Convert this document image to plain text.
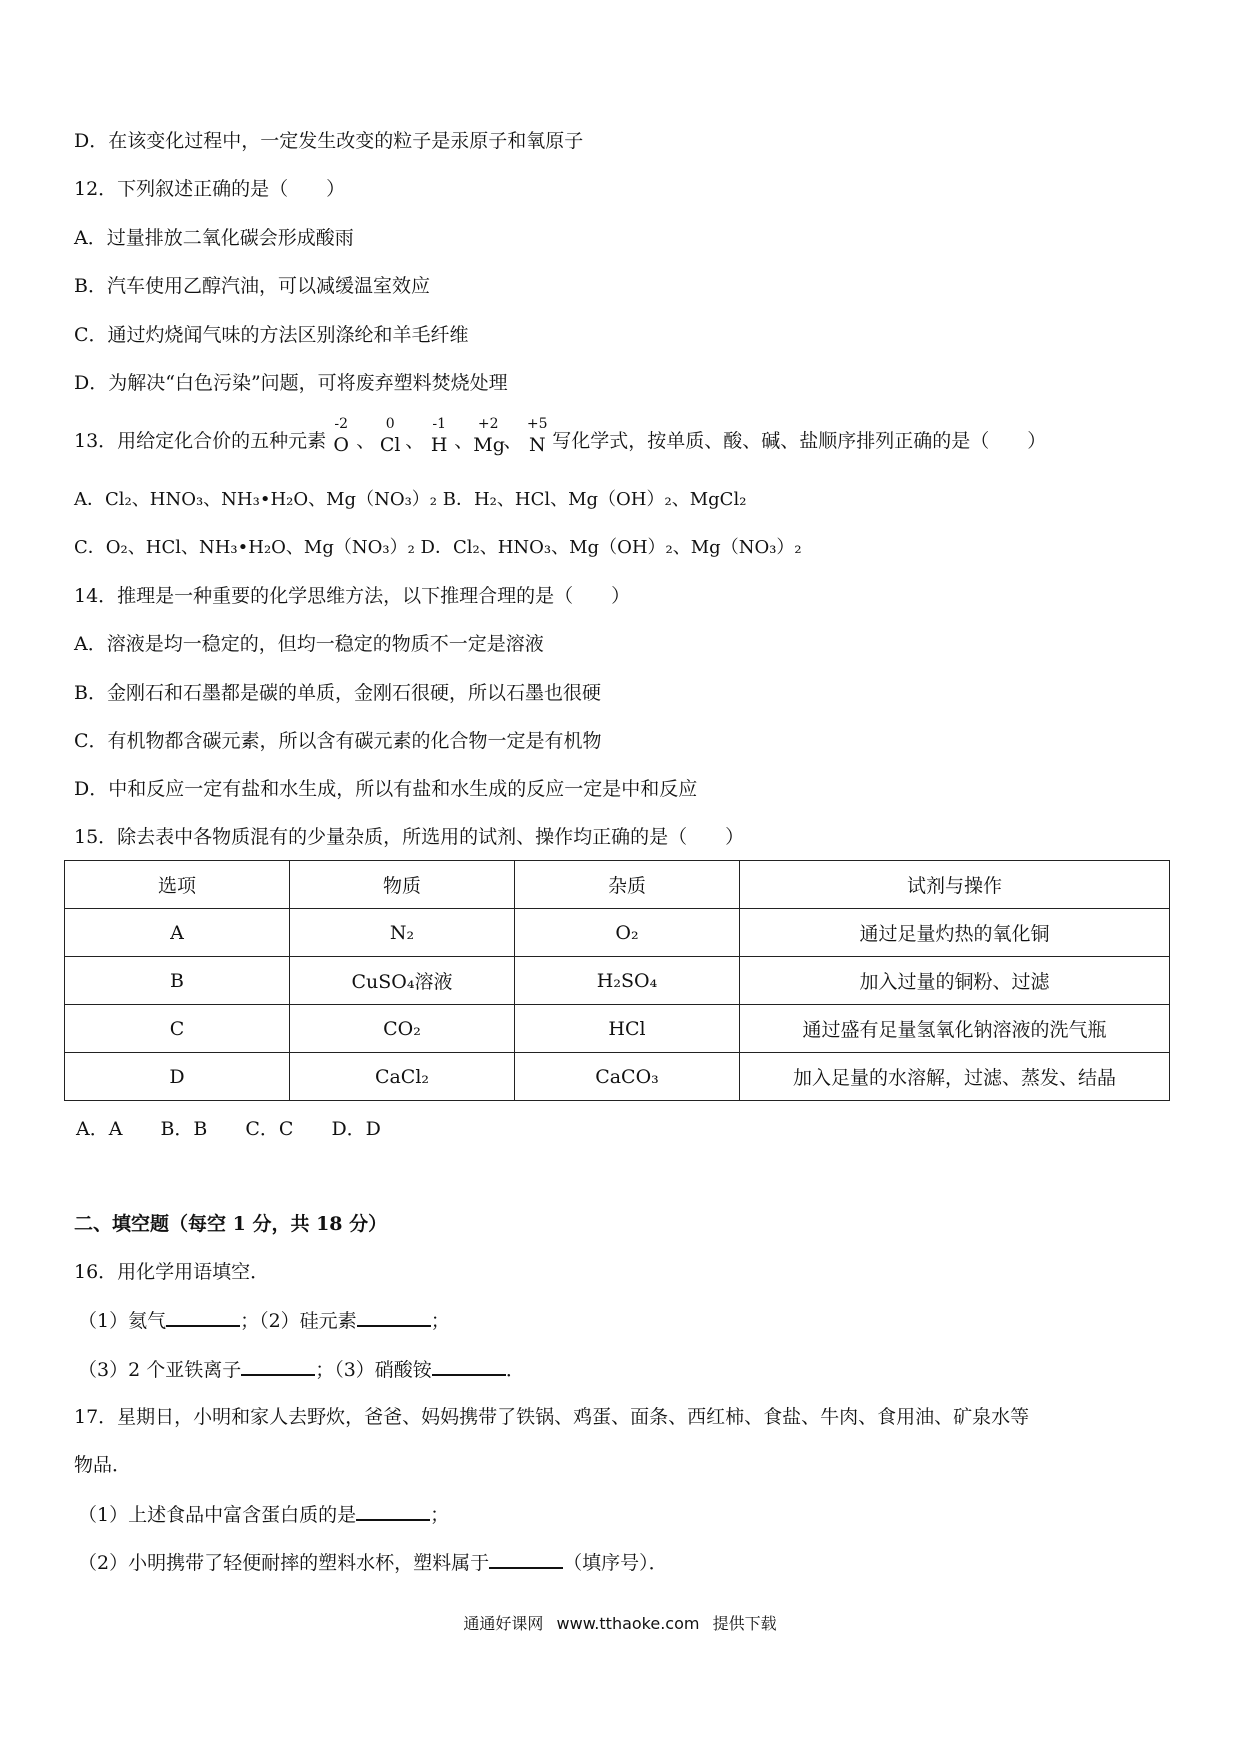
D．在该变化过程中，一定发生改变的粒子是汞原子和氧原子
12．下列叙述正确的是（　　）
A．过量排放二氧化碳会形成酸雨
B．汽车使用乙醇汽油，可以减缓温室效应
C．通过灼烧闻气味的方法区别涤纶和羊毛纤维
D．为解决“白色污染”问题，可将废弃塑料焚烧处理
13．用给定化合价的五种元素
-2
O 、
0
Cl 、
-1
H 、
+2
Mg
、
+5
N 写化学式，按单质、酸、碱、盐顺序排列正确的是（　　）
A．Cl₂、HNO₃、NH₃•H₂O、Mg（NO₃）₂ B．H₂、HCl、Mg（OH）₂、MgCl₂
C．O₂、HCl、NH₃•H₂O、Mg（NO₃）₂ D．Cl₂、HNO₃、Mg（OH）₂、Mg（NO₃）₂
14．推理是一种重要的化学思维方法，以下推理合理的是（　　）
A．溶液是均一稳定的，但均一稳定的物质不一定是溶液
B．金刚石和石墨都是碳的单质，金刚石很硬，所以石墨也很硬
C．有机物都含碳元素，所以含有碳元素的化合物一定是有机物
D．中和反应一定有盐和水生成，所以有盐和水生成的反应一定是中和反应
15．除去表中各物质混有的少量杂质，所选用的试剂、操作均正确的是（　　）
选项	物质	杂质	试剂与操作
A	N₂	O₂	通过足量灼热的氧化铜
B	CuSO₄溶液	H₂SO₄	加入过量的铜粉、过滤
C	CO₂	HCl	通过盛有足量氢氧化钠溶液的洗气瓶
D	CaCl₂	CaCO₃	加入足量的水溶解，过滤、蒸发、结晶
A．A　　B．B　　C．C　　D．D
二、填空题（每空 1 分，共 18 分）
16．用化学用语填空．
（1）氦气	；（2）硅元素	；
（3）2 个亚铁离子	；（3）硝酸铵	．
17．星期日，小明和家人去野炊，爸爸、妈妈携带了铁锅、鸡蛋、面条、西红柿、食盐、牛肉、食用油、矿泉水等
物品．
（1）上述食品中富含蛋白质的是	；
（2）小明携带了轻便耐摔的塑料水杯，塑料属于	（填序号）．
通通好课网 www.tthaoke.com 提供下载
